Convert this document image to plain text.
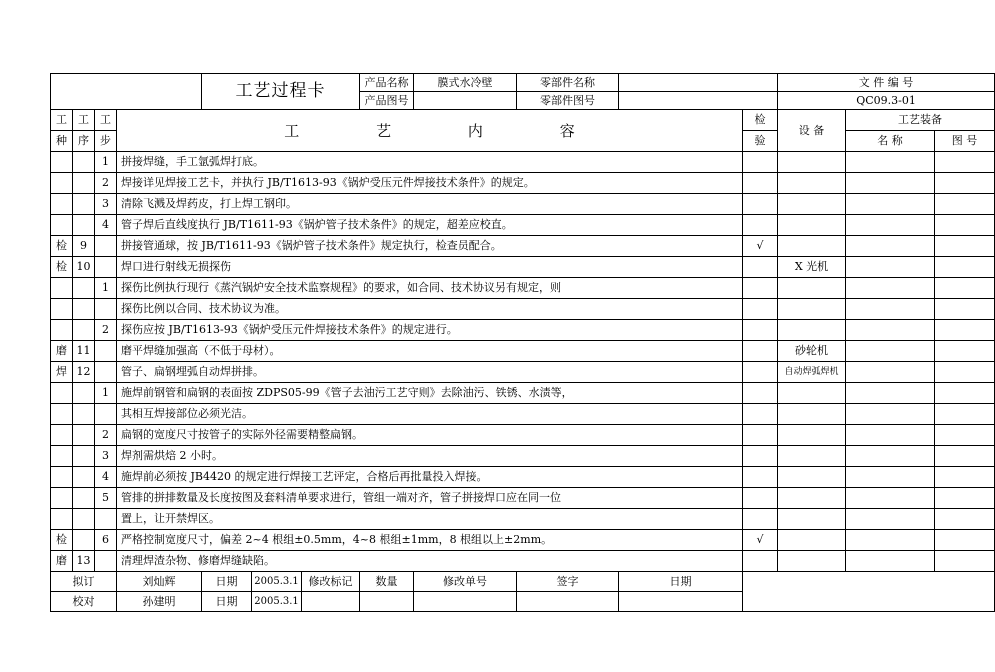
				工艺过程卡			产品名称	膜式水冷壁	零部件名称			文 件 编 号	
							产品图号		零部件图号			QC09.3-01	
工	工	工	工 艺 内 容								检	设 备	工艺装备	
种	序	步									验		名 称	图 号	
		1	拼接焊缝，手工氩弧焊打底。												
		2	焊接详见焊接工艺卡，并执行 JB/T1613-93《锅炉受压元件焊接技术条件》的规定。												
		3	清除飞溅及焊药皮，打上焊工钢印。												
		4	管子焊后直线度执行 JB/T1611-93《锅炉管子技术条件》的规定，超差应校直。												
检	9		拼接管通球，按 JB/T1611-93《锅炉管子技术条件》规定执行，检查员配合。								√				
检	10		焊口进行射线无损探伤									X 光机			
		1	探伤比例执行现行《蒸汽锅炉安全技术监察规程》的要求，如合同、技术协议另有规定，则												
			探伤比例以合同、技术协议为准。												
		2	探伤应按 JB/T1613-93《锅炉受压元件焊接技术条件》的规定进行。												
磨	11		磨平焊缝加强高（不低于母材）。									砂轮机			
焊	12		管子、扁钢埋弧自动焊拼排。									自动焊弧焊机			
		1	施焊前钢管和扁钢的表面按 ZDPS05-99《管子去油污工艺守则》去除油污、铁锈、水渍等，												
			其相互焊接部位必须光洁。												
		2	扁钢的宽度尺寸按管子的实际外径需要精整扁钢。												
		3	焊剂需烘焙 2 小时。												
		4	施焊前必须按 JB4420 的规定进行焊接工艺评定，合格后再批量投入焊接。												
		5	管排的拼排数量及长度按图及套料清单要求进行，管组一端对齐，管子拼接焊口应在同一位												
			置上，让开禁焊区。												
检		6	严格控制宽度尺寸，偏差 2~4 根组±0.5mm，4~8 根组±1mm，8 根组以上±2mm。								√				
磨	13		清理焊渣杂物、修磨焊缝缺陷。												
拟订			刘灿辉	日期	2005.3.1	修改标记	数量	修改单号	签字	日期					
校对			孙建明	日期	2005.3.1										
